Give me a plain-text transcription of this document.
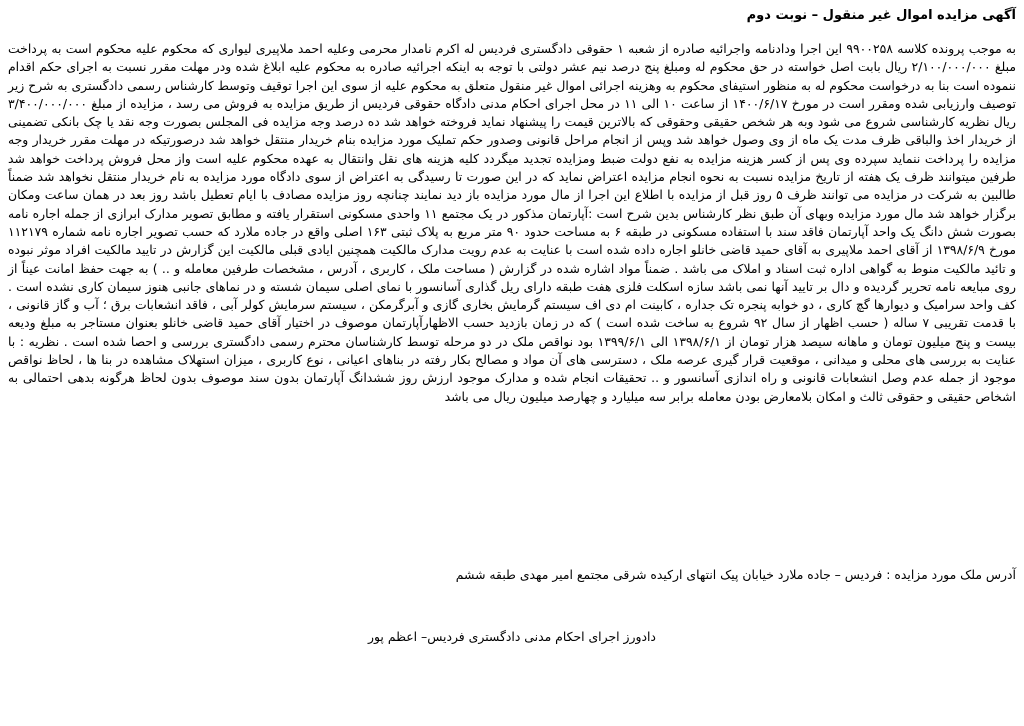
آگهی مزایده اموال غیر منقول – نوبت دوم

به موجب پرونده کلاسه ۹۹۰۰۲۵۸ این اجرا ودادنامه واجرائیه صادره از شعبه ۱ حقوقی دادگستری فردیس له اکرم نامدار محرمی وعلیه احمد ملاپیری لیواری که محکوم علیه محکوم است به پرداخت مبلغ ۲/۱۰۰/۰۰۰/۰۰۰ ریال بابت اصل خواسته در حق محکوم له ومبلغ پنج درصد نیم عشر دولتی با توجه به اینکه اجرائیه صادره به محکوم علیه ابلاغ شده ودر مهلت مقرر نسبت به اجرای حکم اقدام ننموده است بنا به درخواست محکوم له به منظور استیفای محکوم به وهزینه اجرائی اموال غیر منقول متعلق به محکوم علیه از سوی این اجرا توقیف وتوسط کارشناس رسمی دادگستری به شرح زیر توصیف وارزیابی شده ومقرر است در مورخ ۱۴۰۰/۶/۱۷ از ساعت ۱۰ الی ۱۱ در محل اجرای احکام مدنی دادگاه حقوقی فردیس از طریق مزایده به فروش می رسد ، مزایده از مبلغ ۳/۴۰۰/۰۰۰/۰۰۰ ریال نظریه کارشناسی شروع می شود وبه هر شخص حقیقی وحقوقی که بالاترین قیمت را پیشنهاد نماید فروخته خواهد شد ده درصد وجه مزایده فی المجلس بصورت وجه نقد یا چک بانکی تضمینی از خریدار اخذ والباقی ظرف مدت یک ماه از وی وصول خواهد شد وپس از انجام مراحل قانونی وصدور حکم تملیک مورد مزایده بنام خریدار منتقل خواهد شد درصورتیکه در مهلت مقرر خریدار وجه مزایده را پرداخت ننماید سپرده وی پس از کسر هزینه مزایده به نفع دولت ضبط ومزایده تجدید میگردد کلیه هزینه های نقل وانتقال به عهده محکوم علیه است واز محل فروش پرداخت خواهد شد طرفین میتوانند ظرف یک هفته از تاریخ مزایده نسبت به نحوه انجام مزایده اعتراض نماید که در این صورت تا رسیدگی به اعتراض از سوی دادگاه مورد مزایده به نام خریدار منتقل نخواهد شد ضمناً طالبین به شرکت در مزایده می توانند ظرف ۵ روز قبل از مزایده با اطلاع این اجرا از مال مورد مزایده باز دید نمایند چنانچه روز مزایده مصادف با ایام تعطیل باشد روز بعد در همان ساعت ومکان برگزار خواهد شد مال مورد مزایده وبهای آن طبق نظر کارشناس بدین شرح است :آپارتمان مذکور در یک مجتمع ۱۱ واحدی مسکونی استقرار یافته و مطابق تصویر مدارک ابرازی از جمله اجاره نامه بصورت شش دانگ یک واحد آپارتمان فاقد سند با استفاده مسکونی در طبقه ۶ به مساحت حدود ۹۰ متر مربع به پلاک ثبتی ۱۶۳ اصلی واقع در جاده ملارد که حسب تصویر اجاره نامه شماره ۱۱۲۱۷۹ مورخ ۱۳۹۸/۶/۹ از آقای احمد ملاپیری به آقای حمید قاضی خانلو اجاره داده شده است با عنایت به عدم رویت مدارک مالکیت همچنین ایادی قبلی مالکیت این گزارش در تایید مالکیت افراد موثر نبوده و تائید مالکیت منوط به گواهی اداره ثبت اسناد و املاک می باشد . ضمناً مواد اشاره شده در گزارش ( مساحت ملک ، کاربری ، آدرس ، مشخصات طرفین معامله و .. ) به جهت حفظ امانت عیناً از روی مبایعه نامه تحریر گردیده و دال بر تایید آنها نمی باشد سازه اسکلت فلزی هفت طبقه دارای ریل گذاری آسانسور با نمای اصلی سیمان شسته و در نماهای جانبی هنوز سیمان کاری نشده است . کف واحد سرامیک و دیوارها گچ کاری ، دو خوابه پنجره تک جداره ، کابینت ام دی اف سیستم گرمایش بخاری گازی و آبرگرمکن ، سیستم سرمایش کولر آبی ، فاقد انشعابات برق ؛ آب و گاز قانونی ، با قدمت تقریبی ۷ ساله ( حسب اظهار از سال ۹۲ شروع به ساخت شده است ) که در زمان بازدید حسب الاظهارآپارتمان موصوف در اختیار آقای حمید قاضی خانلو بعنوان مستاجر به مبلغ ودیعه بیست و پنج میلیون تومان و ماهانه سیصد هزار تومان از ۱۳۹۸/۶/۱ الی ۱۳۹۹/۶/۱ بود نواقص ملک در دو مرحله توسط کارشناسان محترم رسمی دادگستری بررسی و احصا شده است . نظریه : با عنایت به بررسی های محلی و میدانی ، موقعیت قرار گیری عرصه ملک ، دسترسی های آن مواد و مصالح بکار رفته در بناهای اعیانی ، نوع کاربری ، میزان استهلاک مشاهده در بنا ها ، لحاظ نواقص موجود از جمله عدم وصل انشعابات قانونی و راه اندازی آسانسور و .. تحقیقات انجام شده و مدارک موجود ارزش روز ششدانگ آپارتمان بدون سند موصوف بدون لحاظ هرگونه بدهی احتمالی به اشخاص حقیقی و حقوقی ثالث و امکان بلامعارض بودن معامله برابر سه میلیارد و چهارصد میلیون ریال می باشد

آدرس ملک مورد مزایده : فردیس – جاده ملارد خیابان پیک انتهای ارکیده شرقی مجتمع امیر مهدی طبقه ششم

دادورز اجرای احکام مدنی دادگستری فردیس– اعظم پور
